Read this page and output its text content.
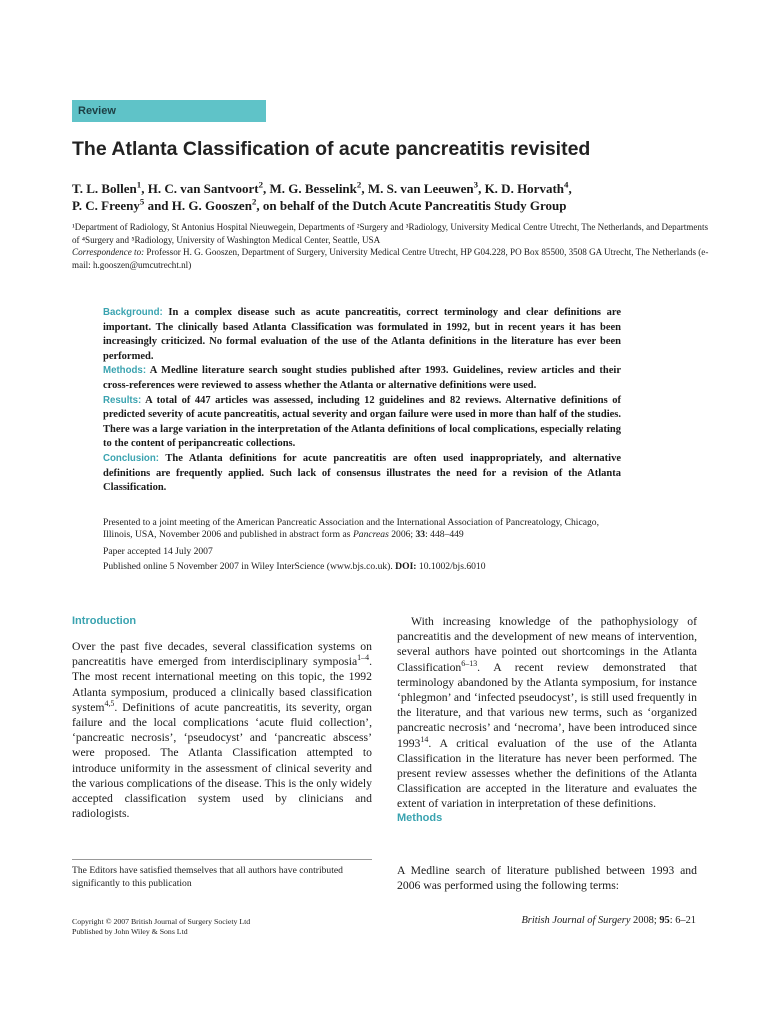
Review
The Atlanta Classification of acute pancreatitis revisited
T. L. Bollen$^1$, H. C. van Santvoort$^2$, M. G. Besselink$^2$, M. S. van Leeuwen$^3$, K. D. Horvath$^4$,
P. C. Freeny$^5$ and H. G. Gooszen$^2$, on behalf of the Dutch Acute Pancreatitis Study Group
¹Department of Radiology, St Antonius Hospital Nieuwegein, Departments of ²Surgery and ³Radiology, University Medical Centre Utrecht, The Netherlands, and Departments of ⁴Surgery and ⁵Radiology, University of Washington Medical Center, Seattle, USA
Correspondence to: Professor H. G. Gooszen, Department of Surgery, University Medical Centre Utrecht, HP G04.228, PO Box 85500, 3508 GA Utrecht, The Netherlands (e-mail: h.gooszen@umcutrecht.nl)

Background: In a complex disease such as acute pancreatitis, correct terminology and clear definitions are important. The clinically based Atlanta Classification was formulated in 1992, but in recent years it has been increasingly criticized. No formal evaluation of the use of the Atlanta definitions in the literature has ever been performed.

Methods: A Medline literature search sought studies published after 1993. Guidelines, review articles and their cross-references were reviewed to assess whether the Atlanta or alternative definitions were used.

Results: A total of 447 articles was assessed, including 12 guidelines and 82 reviews. Alternative definitions of predicted severity of acute pancreatitis, actual severity and organ failure were used in more than half of the studies. There was a large variation in the interpretation of the Atlanta definitions of local complications, especially relating to the content of peripancreatic collections.

Conclusion: The Atlanta definitions for acute pancreatitis are often used inappropriately, and alternative definitions are frequently applied. Such lack of consensus illustrates the need for a revision of the Atlanta Classification.

Presented to a joint meeting of the American Pancreatic Association and the International Association of Pancreatology, Chicago, Illinois, USA, November 2006 and published in abstract form as Pancreas 2006; 33: 448–449
Paper accepted 14 July 2007
Published online 5 November 2007 in Wiley InterScience (www.bjs.co.uk). DOI: 10.1002/bjs.6010
Introduction
Over the past five decades, several classification systems on pancreatitis have emerged from interdisciplinary symposia$^{1-4}$. The most recent international meeting on this topic, the 1992 Atlanta symposium, produced a clinically based classification system$^{4,5}$. Definitions of acute pancreatitis, its severity, organ failure and the local complications ‘acute fluid collection’, ‘pancreatic necrosis’, ‘pseudocyst’ and ‘pancreatic abscess’ were proposed. The Atlanta Classification attempted to introduce uniformity in the assessment of clinical severity and the various complications of the disease. This is the only widely accepted classification system used by clinicians and radiologists.

With increasing knowledge of the pathophysiology of pancreatitis and the development of new means of intervention, several authors have pointed out shortcomings in the Atlanta Classification$^{6-13}$. A recent review demonstrated that terminology abandoned by the Atlanta symposium, for instance ‘phlegmon’ and ‘infected pseudocyst’, is still used frequently in the literature, and that various new terms, such as ‘organized pancreatic necrosis’ and ‘necroma’, have been introduced since 1993$^{14}$. A critical evaluation of the use of the Atlanta Classification in the literature has never been performed. The present review assesses whether the definitions of the Atlanta Classification are accepted in the literature and evaluates the extent of variation in interpretation of these definitions.

Methods
A Medline search of literature published between 1993 and 2006 was performed using the following terms:
The Editors have satisfied themselves that all authors have contributed significantly to this publication
Copyright © 2007 British Journal of Surgery Society Ltd
Published by John Wiley & Sons Ltd
British Journal of Surgery 2008; 95: 6–21
